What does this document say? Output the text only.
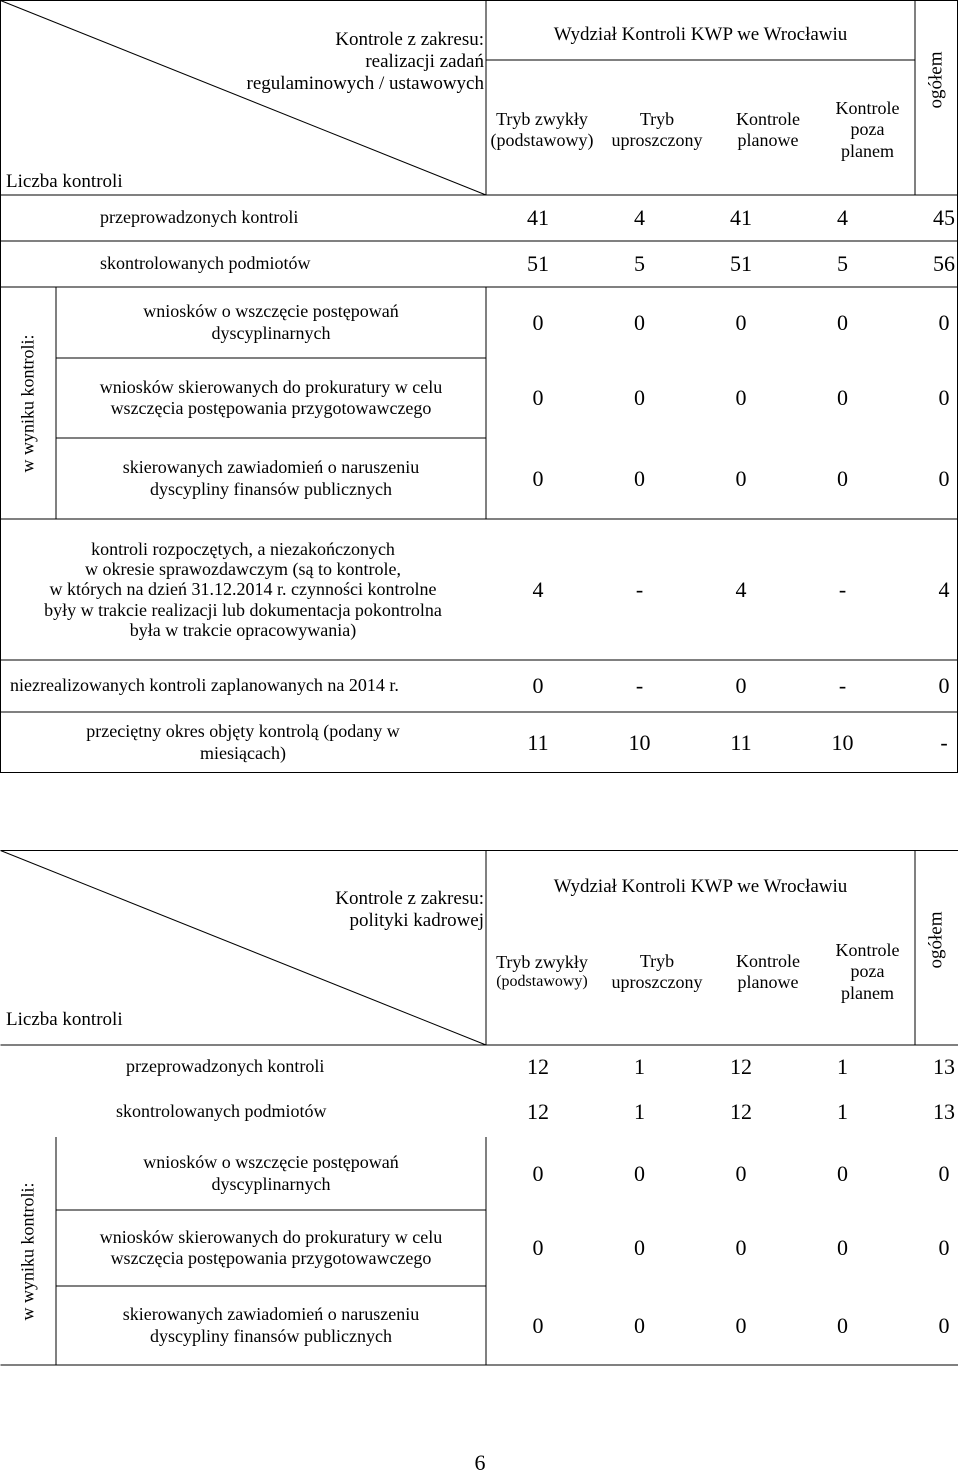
Kontrole z zakresu:
realizacji zadań
regulaminowych / ustawowych
Liczba kontroli
Wydział Kontroli KWP we Wrocławiu
Tryb zwykły
(podstawowy)
Tryb
uproszczony
Kontrole
planowe
Kontrole
poza
planem
ogółem
w wyniku kontroli:
przeprowadzonych kontroli	41	4	41	4	45
skontrolowanych podmiotów	51	5	51	5	56
wniosków o wszczęcie postępowań
dyscyplinarnych	0	0	0	0	0
wniosków skierowanych do prokuratury w celu
wszczęcia postępowania przygotowawczego	0	0	0	0	0
skierowanych zawiadomień o naruszeniu
dyscypliny finansów publicznych	0	0	0	0	0
kontroli rozpoczętych, a niezakończonych
w okresie sprawozdawczym (są to kontrole,
w których na dzień 31.12.2014 r. czynności kontrolne
były w trakcie realizacji lub dokumentacja pokontrolna
była w trakcie opracowywania)
4	-	4	-	4
niezrealizowanych kontroli zaplanowanych na 2014 r.	0	-	0	-	0
przeciętny okres objęty kontrolą (podany w
miesiącach)	11	10	11	10	-
Kontrole z zakresu:
polityki kadrowej
Liczba kontroli
Wydział Kontroli KWP we Wrocławiu
Tryb zwykły
(podstawowy)
Tryb
uproszczony
Kontrole
planowe
Kontrole
poza
planem
ogółem
w wyniku kontroli:
przeprowadzonych kontroli	12	1	12	1	13
skontrolowanych podmiotów	12	1	12	1	13
wniosków o wszczęcie postępowań
dyscyplinarnych	0	0	0	0	0
wniosków skierowanych do prokuratury w celu
wszczęcia postępowania przygotowawczego	0	0	0	0	0
skierowanych zawiadomień o naruszeniu
dyscypliny finansów publicznych	0	0	0	0	0
6
